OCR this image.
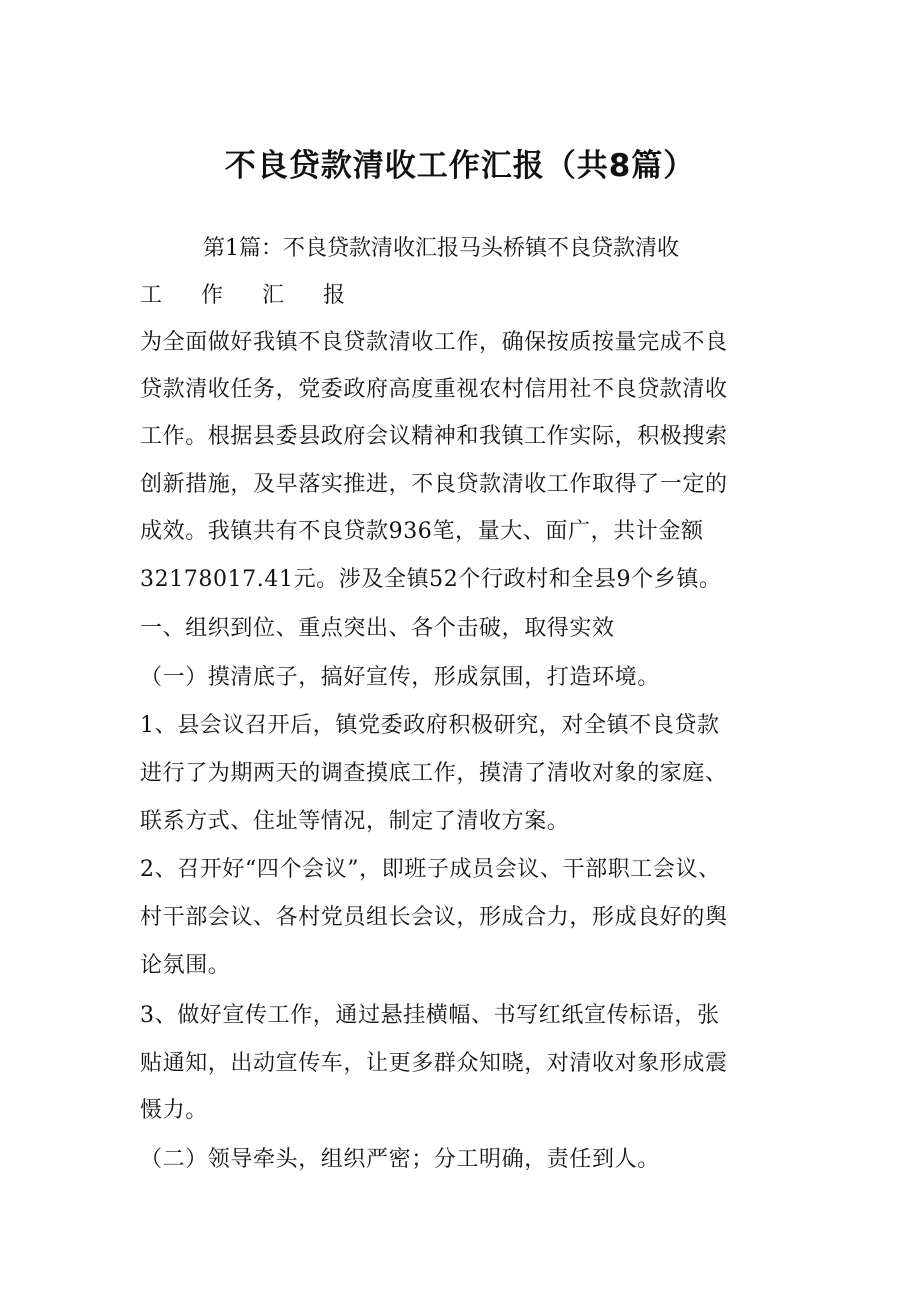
不良贷款清收工作汇报（共8篇）
第1篇：不良贷款清收汇报马头桥镇不良贷款清收
工 作 汇 报
为全面做好我镇不良贷款清收工作，确保按质按量完成不良
贷款清收任务，党委政府高度重视农村信用社不良贷款清收
工作。根据县委县政府会议精神和我镇工作实际，积极搜索
创新措施，及早落实推进，不良贷款清收工作取得了一定的
成效。我镇共有不良贷款936笔，量大、面广，共计金额
32178017.41元。涉及全镇52个行政村和全县9个乡镇。
一、组织到位、重点突出、各个击破，取得实效
（一）摸清底子，搞好宣传，形成氛围，打造环境。
1、县会议召开后，镇党委政府积极研究，对全镇不良贷款
进行了为期两天的调查摸底工作，摸清了清收对象的家庭、
联系方式、住址等情况，制定了清收方案。
2、召开好“四个会议”，即班子成员会议、干部职工会议、
村干部会议、各村党员组长会议，形成合力，形成良好的舆
论氛围。
3、做好宣传工作，通过悬挂横幅、书写红纸宣传标语，张
贴通知，出动宣传车，让更多群众知晓，对清收对象形成震
慑力。
（二）领导牵头，组织严密；分工明确，责任到人。
